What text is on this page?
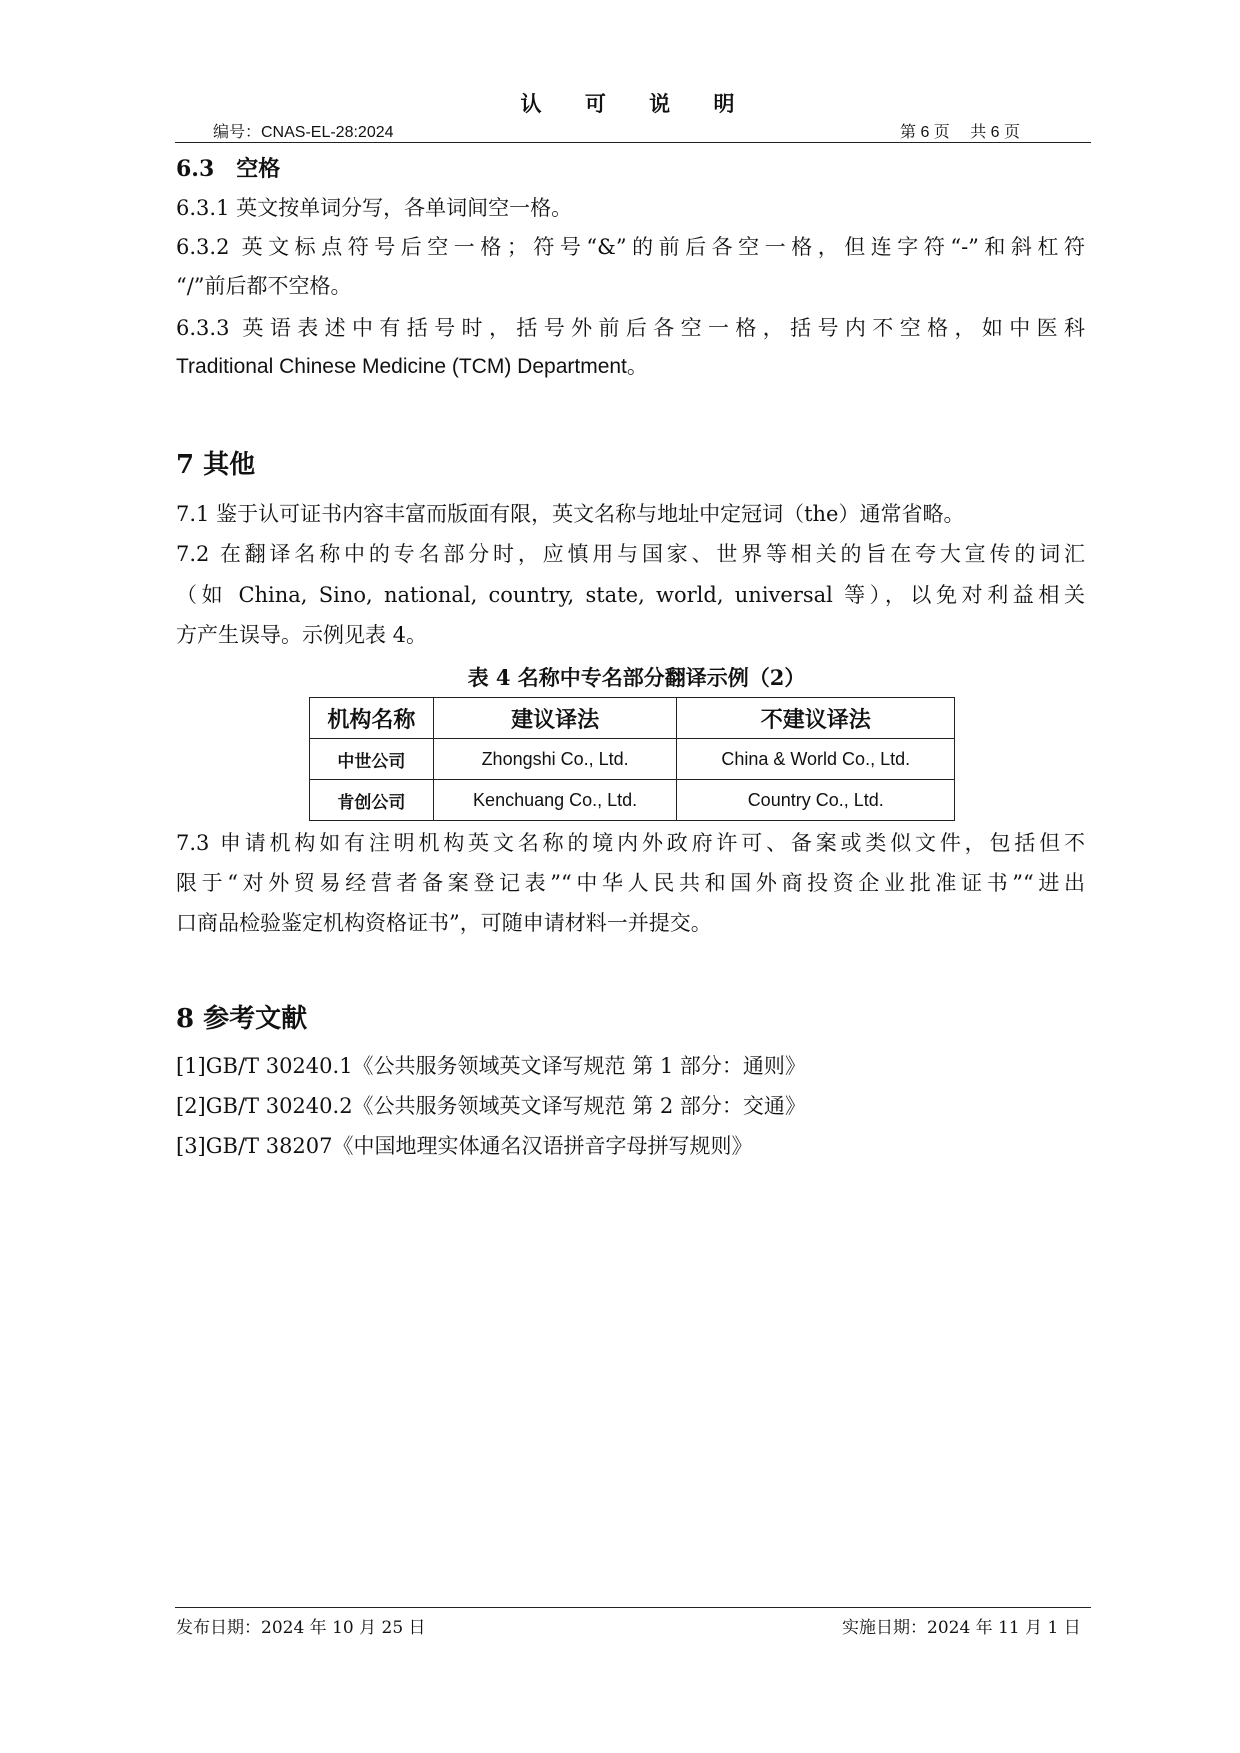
认 可 说 明
编号：CNAS-EL-28:2024	第 6 页　 共 6 页
6.3　空格
6.3.1 英文按单词分写，各单词间空一格。
6.3.2 英文标点符号后空一格；符号“&”的前后各空一格，但连字符“-”和斜杠符
“/”前后都不空格。
6.3.3 英语表述中有括号时，括号外前后各空一格，括号内不空格，如中医科
Traditional Chinese Medicine (TCM) Department。
7 其他
7.1 鉴于认可证书内容丰富而版面有限，英文名称与地址中定冠词（the）通常省略。
7.2 在翻译名称中的专名部分时，应慎用与国家、世界等相关的旨在夸大宣传的词汇
（如 China, Sino, national, country, state, world, universal 等），以免对利益相关
方产生误导。示例见表 4。
表 4 名称中专名部分翻译示例（2）
机构名称	建议译法	不建议译法
中世公司	Zhongshi Co., Ltd.	China & World Co., Ltd.
肯创公司	Kenchuang Co., Ltd.	Country Co., Ltd.
7.3 申请机构如有注明机构英文名称的境内外政府许可、备案或类似文件，包括但不
限于“对外贸易经营者备案登记表”“中华人民共和国外商投资企业批准证书”“进出
口商品检验鉴定机构资格证书”，可随申请材料一并提交。
8 参考文献
[1]GB/T 30240.1《公共服务领域英文译写规范 第 1 部分：通则》
[2]GB/T 30240.2《公共服务领域英文译写规范 第 2 部分：交通》
[3]GB/T 38207《中国地理实体通名汉语拼音字母拼写规则》
发布日期：2024 年 10 月 25 日	实施日期：2024 年 11 月 1 日
